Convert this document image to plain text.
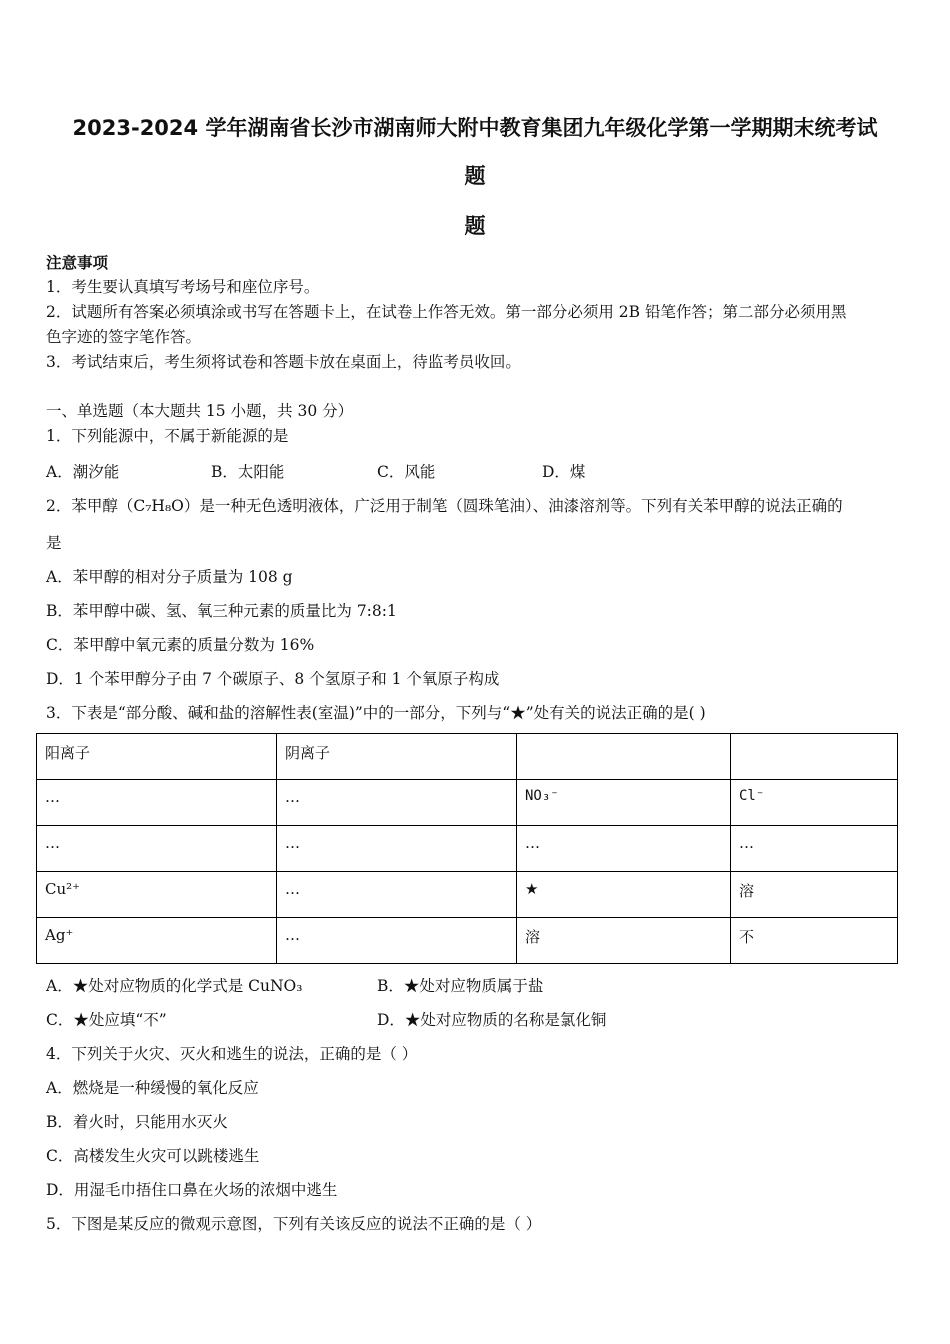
2023-2024 学年湖南省长沙市湖南师大附中教育集团九年级化学第一学期期末统考试
题
题
注意事项
1．考生要认真填写考场号和座位序号。
2．试题所有答案必须填涂或书写在答题卡上，在试卷上作答无效。第一部分必须用 2B 铅笔作答；第二部分必须用黑
色字迹的签字笔作答。
3．考试结束后，考生须将试卷和答题卡放在桌面上，待监考员收回。
一、单选题（本大题共 15 小题，共 30 分）
1．下列能源中，不属于新能源的是
A．潮汐能	B．太阳能	C．风能	D．煤
2．苯甲醇（C₇H₈O）是一种无色透明液体，广泛用于制笔（圆珠笔油）、油漆溶剂等。下列有关苯甲醇的说法正确的
是
A．苯甲醇的相对分子质量为 108 g
B．苯甲醇中碳、氢、氧三种元素的质量比为 7:8:1
C．苯甲醇中氧元素的质量分数为 16%
D．1 个苯甲醇分子由 7 个碳原子、8 个氢原子和 1 个氧原子构成
3．下表是“部分酸、碱和盐的溶解性表(室温)”中的一部分，下列与“★”处有关的说法正确的是( )
阳离子	阴离子		
…	…	NO₃⁻	Cl⁻
…	…	…	…
Cu²⁺	…	★	溶
Ag⁺	…	溶	不
A．★处对应物质的化学式是 CuNO₃	B．★处对应物质属于盐
C．★处应填“不”	D．★处对应物质的名称是氯化铜
4．下列关于火灾、灭火和逃生的说法，正确的是（ ）
A．燃烧是一种缓慢的氧化反应
B．着火时，只能用水灭火
C．高楼发生火灾可以跳楼逃生
D．用湿毛巾捂住口鼻在火场的浓烟中逃生
5．下图是某反应的微观示意图，下列有关该反应的说法不正确的是（ ）
